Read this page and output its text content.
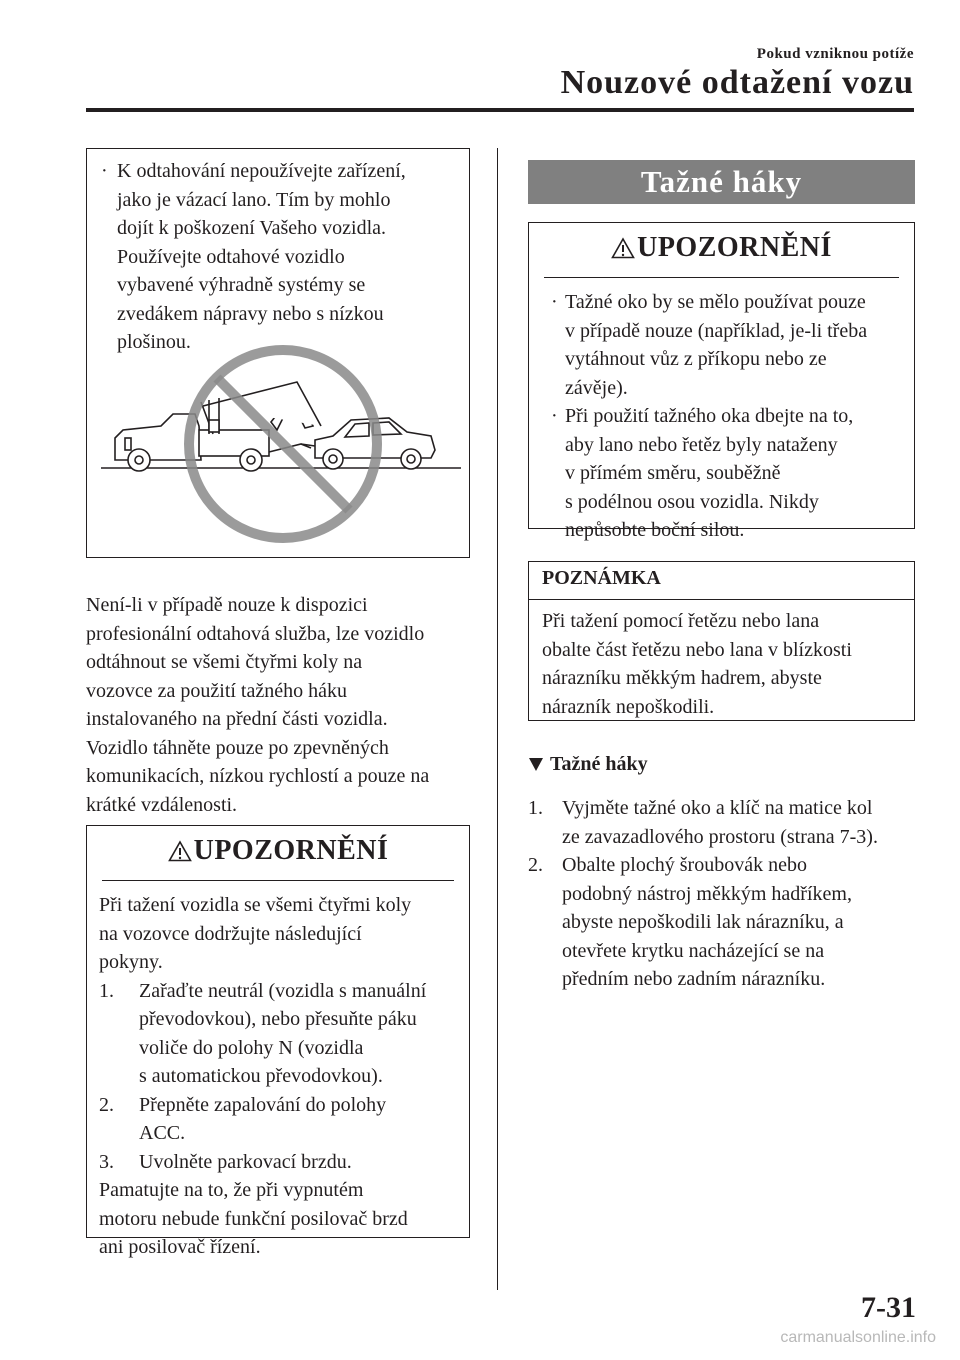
Pokud vzniknou potíže
Nouzové odtažení vozu
· K odtahování nepoužívejte zařízení,
jako je vázací lano. Tím by mohlo
dojít k poškození Vašeho vozidla.
Používejte odtahové vozidlo
vybavené výhradně systémy se
zvedákem nápravy nebo s nízkou
plošinou.
Není-li v případě nouze k dispozici
profesionální odtahová služba, lze vozidlo
odtáhnout se všemi čtyřmi koly na
vozovce za použití tažného háku
instalovaného na přední části vozidla.
Vozidlo táhněte pouze po zpevněných
komunikacích, nízkou rychlostí a pouze na
krátké vzdálenosti.
UPOZORNĚNÍ
Při tažení vozidla se všemi čtyřmi koly
na vozovce dodržujte následující
pokyny.
1. Zařaďte neutrál (vozidla s manuální
převodovkou), nebo přesuňte páku
voliče do polohy N (vozidla
s automatickou převodovkou).
2. Přepněte zapalování do polohy
ACC.
3. Uvolněte parkovací brzdu.
Pamatujte na to, že při vypnutém
motoru nebude funkční posilovač brzd
ani posilovač řízení.
Tažné háky
UPOZORNĚNÍ
· Tažné oko by se mělo používat pouze
v případě nouze (například, je-li třeba
vytáhnout vůz z příkopu nebo ze
závěje).
· Při použití tažného oka dbejte na to,
aby lano nebo řetěz byly nataženy
v přímém směru, souběžně
s podélnou osou vozidla. Nikdy
nepůsobte boční silou.
POZNÁMKA
Při tažení pomocí řetězu nebo lana
obalte část řetězu nebo lana v blízkosti
nárazníku měkkým hadrem, abyste
nárazník nepoškodili.
Tažné háky
1. Vyjměte tažné oko a klíč na matice kol
ze zavazadlového prostoru (strana 7-3).
2. Obalte plochý šroubovák nebo
podobný nástroj měkkým hadříkem,
abyste nepoškodili lak nárazníku, a
otevřete krytku nacházející se na
předním nebo zadním nárazníku.
7-31
carmanualsonline.info
